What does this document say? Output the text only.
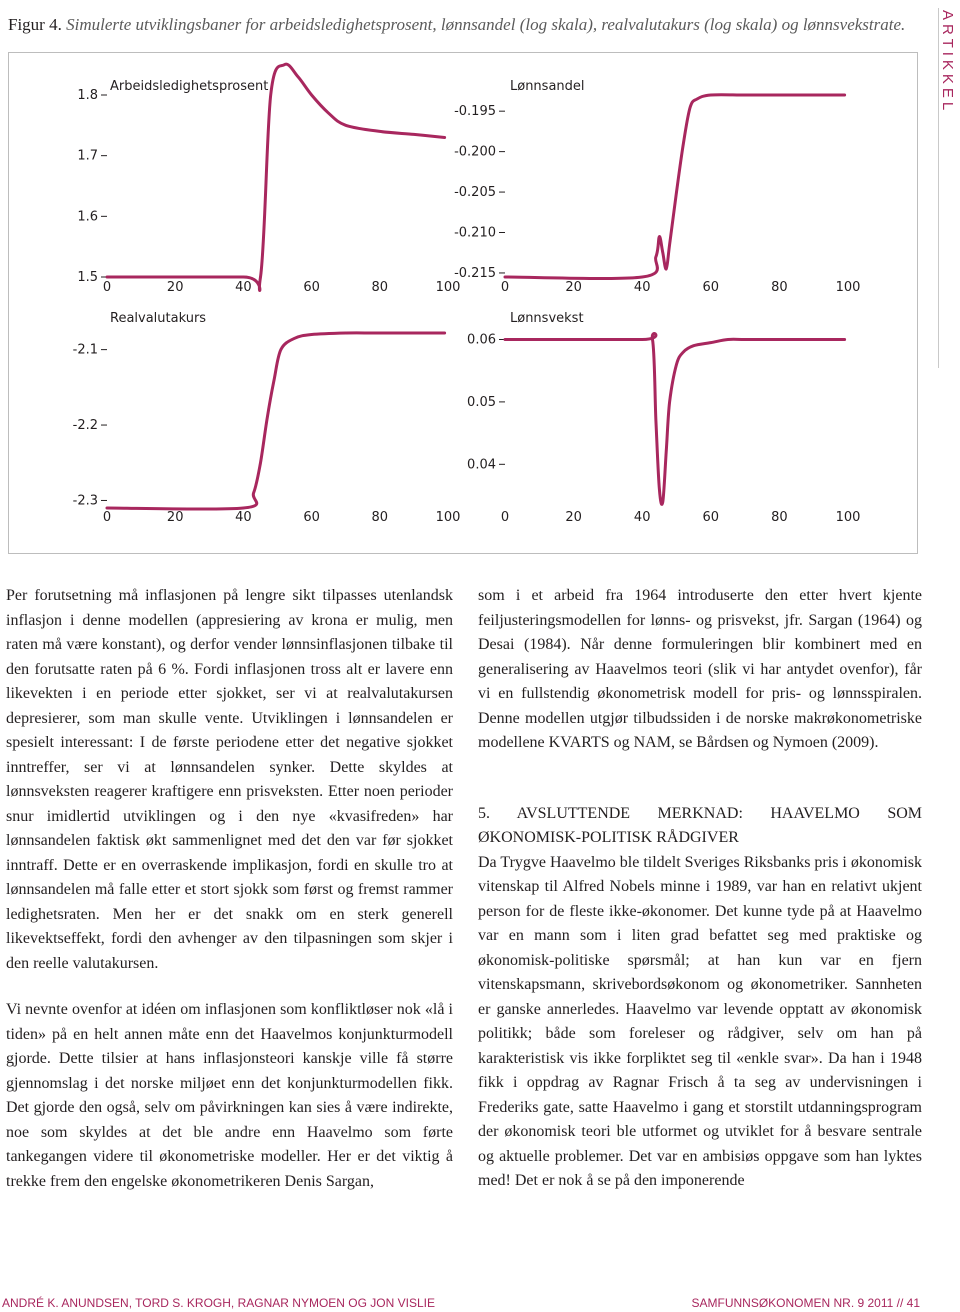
Figur 4. Simulerte utviklingsbaner for arbeidsledighetsprosent, lønnsandel (log skala), realvalutakurs (log skala) og lønnsvekstrate. ARTIKKEL
1.5
1.6
1.7
1.8
0	20	40	60	80	100
Arbeidsledighetsprosent
-0.215
-0.210
-0.205
-0.200
-0.195
0	20	40	60	80	100
Lønnsandel
-2.3
-2.2
-2.1
0	20	40	60	80	100
Realvalutakurs
0.04
0.05
0.06
0	20	40	60	80	100
Lønnsvekst

Per forutsetning må inflasjonen på lengre sikt tilpasses utenlandsk inflasjon i denne modellen (appresiering av krona er mulig, men raten må være konstant), og derfor vender lønnsinflasjonen tilbake til den forutsatte raten på 6 %. Fordi inflasjonen tross alt er lavere enn likevekten i en periode etter sjokket, ser vi at realvalutakursen depresierer, som man skulle vente. Utviklingen i lønnsandelen er spesielt interessant: I de første periodene etter det negative sjokket inntreffer, ser vi at lønnsandelen synker. Dette skyldes at lønnsveksten reagerer kraftigere enn prisveksten. Etter noen perioder snur imidlertid utviklingen og i den nye «kvasifreden» har lønnsandelen faktisk økt sammenlignet med det den var før sjokket inntraff. Dette er en overraskende implikasjon, fordi en skulle tro at lønnsandelen må falle etter et stort sjokk som først og fremst rammer ledighetsraten. Men her er det snakk om en sterk generell likevektseffekt, fordi den avhenger av den tilpasningen som skjer i den reelle valutakursen.

Vi nevnte ovenfor at idéen om inflasjonen som konfliktløser nok «lå i tiden» på en helt annen måte enn det Haavelmos konjunkturmodell gjorde. Dette tilsier at hans inflasjonsteori kanskje ville få større gjennomslag i det norske miljøet enn det konjunkturmodellen fikk. Det gjorde den også, selv om påvirkningen kan sies å være indirekte, noe som skyldes at det ble andre enn Haavelmo som førte tankegangen videre til økonometriske modeller. Her er det viktig å trekke frem den engelske økonometrikeren Denis Sargan,

som i et arbeid fra 1964 introduserte den etter hvert kjente feiljusteringsmodellen for lønns- og prisvekst, jfr. Sargan (1964) og Desai (1984). Når denne formuleringen blir kombinert med en generalisering av Haavelmos teori (slik vi har antydet ovenfor), får vi en fullstendig økonometrisk modell for pris- og lønnsspiralen. Denne modellen utgjør tilbudssiden i de norske makrøkonometriske modellene KVARTS og NAM, se Bårdsen og Nymoen (2009).

5. AVSLUTTENDE MERKNAD: HAAVELMO SOM ØKONOMISK-POLITISK RÅDGIVER

Da Trygve Haavelmo ble tildelt Sveriges Riksbanks pris i økonomisk vitenskap til Alfred Nobels minne i 1989, var han en relativt ukjent person for de fleste ikke-økonomer. Det kunne tyde på at Haavelmo var en mann som i liten grad befattet seg med praktiske og økonomisk-politiske spørsmål; at han kun var en fjern vitenskapsmann, skrivebordsøkonom og økonometriker. Sannheten er ganske annerledes. Haavelmo var levende opptatt av økonomisk politikk; både som foreleser og rådgiver, selv om han på karakteristisk vis ikke forpliktet seg til «enkle svar». Da han i 1948 fikk i oppdrag av Ragnar Frisch å ta seg av undervisningen i Frederiks gate, satte Haavelmo i gang et storstilt utdanningsprogram der økonomisk teori ble utformet og utviklet for å besvare sentrale og aktuelle problemer. Det var en ambisiøs oppgave som han lyktes med! Det er nok å se på den imponerende

ANDRÉ K. ANUNDSEN, TORD S. KROGH, RAGNAR NYMOEN OG JON VISLIE	SAMFUNNSØKONOMEN NR. 9 2011 // 41
